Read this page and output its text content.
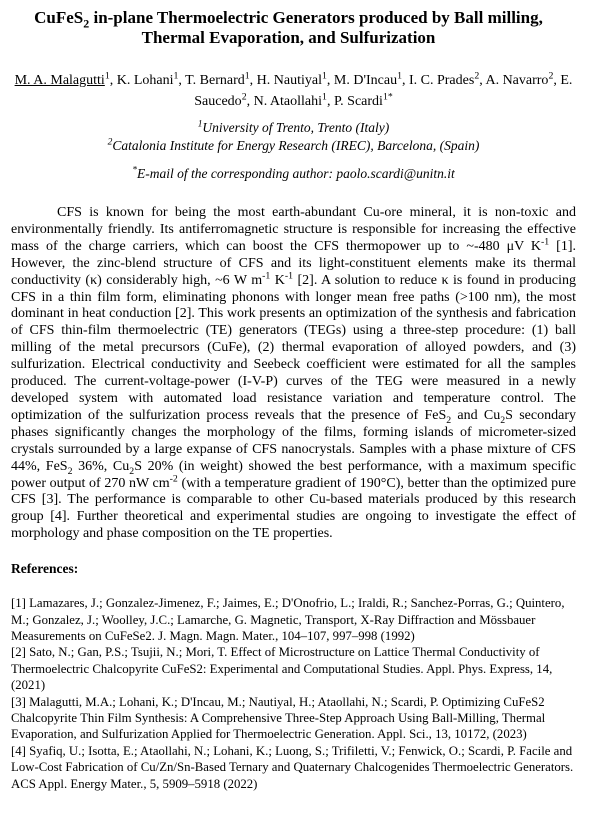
CuFeS$_2$ in-plane Thermoelectric Generators produced by Ball milling,
Thermal Evaporation, and Sulfurization
M. A. Malagutti$^1$, K. Lohani$^1$, T. Bernard$^1$, H. Nautiyal$^1$, M. D'Incau$^1$, I. C. Prades$^2$, A. Navarro$^2$, E. Saucedo$^2$, N. Ataollahi$^1$, P. Scardi$^{1*}$
$^1$University of Trento, Trento (Italy)
$^2$Catalonia Institute for Energy Research (IREC), Barcelona, (Spain)
*E-mail of the corresponding author: paolo.scardi@unitn.it
CFS is known for being the most earth-abundant Cu-ore mineral, it is non-toxic and environmentally friendly. Its antiferromagnetic structure is responsible for increasing the effective mass of the charge carriers, which can boost the CFS thermopower up to ~-480 μV $K^{-1}$ [1]. However, the zinc-blend structure of CFS and its light-constituent elements make its thermal conductivity (κ) considerably high, ~6 W $m^{-1}$ $K^{-1}$ [2]. A solution to reduce κ is found in producing CFS in a thin film form, eliminating phonons with longer mean free paths (>100 nm), the most dominant in heat conduction [2]. This work presents an optimization of the synthesis and fabrication of CFS thin-film thermoelectric (TE) generators (TEGs) using a three-step procedure: (1) ball milling of the metal precursors (CuFe), (2) thermal evaporation of alloyed powders, and (3) sulfurization. Electrical conductivity and Seebeck coefficient were estimated for all the samples produced. The current-voltage-power (I-V-P) curves of the TEG were measured in a newly developed system with automated load resistance variation and temperature control. The optimization of the sulfurization process reveals that the presence of FeS$_2$ and $Cu_2S$ secondary phases significantly changes the morphology of the films, forming islands of micrometer-sized crystals surrounded by a large expanse of CFS nanocrystals. Samples with a phase mixture of CFS 44%, FeS$_2$ 36%, $Cu_2S$ 20% (in weight) showed the best performance, with a maximum specific power output of 270 nW $cm^{-2}$ (with a temperature gradient of 190°C), better than the optimized pure CFS [3]. The performance is comparable to other Cu-based materials produced by this research group [4]. Further theoretical and experimental studies are ongoing to investigate the effect of morphology and phase composition on the TE properties.
References:
[1] Lamazares, J.; Gonzalez-Jimenez, F.; Jaimes, E.; D'Onofrio, L.; Iraldi, R.; Sanchez-Porras, G.; Quintero, M.; Gonzalez, J.; Woolley, J.C.; Lamarche, G. Magnetic, Transport, X-Ray Diffraction and Mössbauer Measurements on CuFeSe2. J. Magn. Magn. Mater., 104–107, 997–998 (1992)
[2] Sato, N.; Gan, P.S.; Tsujii, N.; Mori, T. Effect of Microstructure on Lattice Thermal Conductivity of Thermoelectric Chalcopyrite CuFeS2: Experimental and Computational Studies. Appl. Phys. Express, 14, (2021)
[3] Malagutti, M.A.; Lohani, K.; D'Incau, M.; Nautiyal, H.; Ataollahi, N.; Scardi, P. Optimizing CuFeS2 Chalcopyrite Thin Film Synthesis: A Comprehensive Three-Step Approach Using Ball-Milling, Thermal Evaporation, and Sulfurization Applied for Thermoelectric Generation. Appl. Sci., 13, 10172, (2023)
[4] Syafiq, U.; Isotta, E.; Ataollahi, N.; Lohani, K.; Luong, S.; Trifiletti, V.; Fenwick, O.; Scardi, P. Facile and Low-Cost Fabrication of Cu/Zn/Sn-Based Ternary and Quaternary Chalcogenides Thermoelectric Generators. ACS Appl. Energy Mater., 5, 5909–5918 (2022)
